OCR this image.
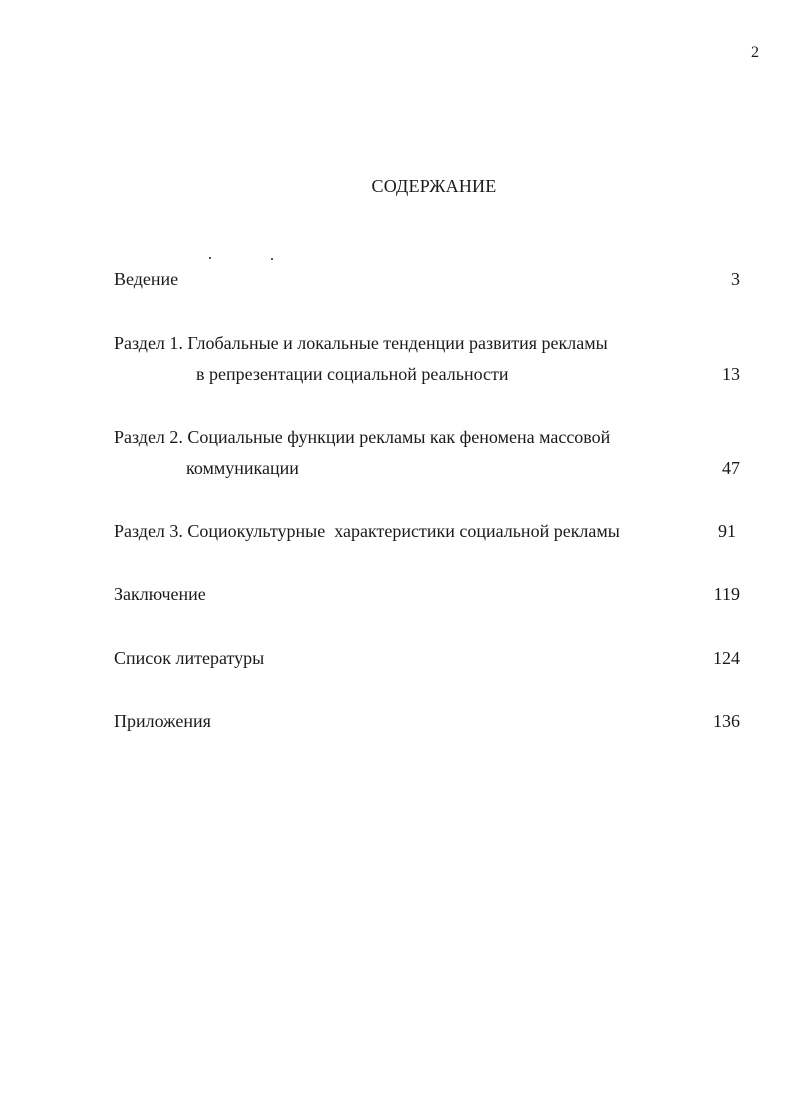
2
СОДЕРЖАНИЕ
Ведение	3
Раздел 1. Глобальные и локальные тенденции развития рекламы
в репрезентации социальной реальности	13
Раздел 2. Социальные функции рекламы как феномена массовой
коммуникации	47
Раздел 3. Социокультурные  характеристики социальной рекламы	91
Заключение	119
Список литературы	124
Приложения	136
